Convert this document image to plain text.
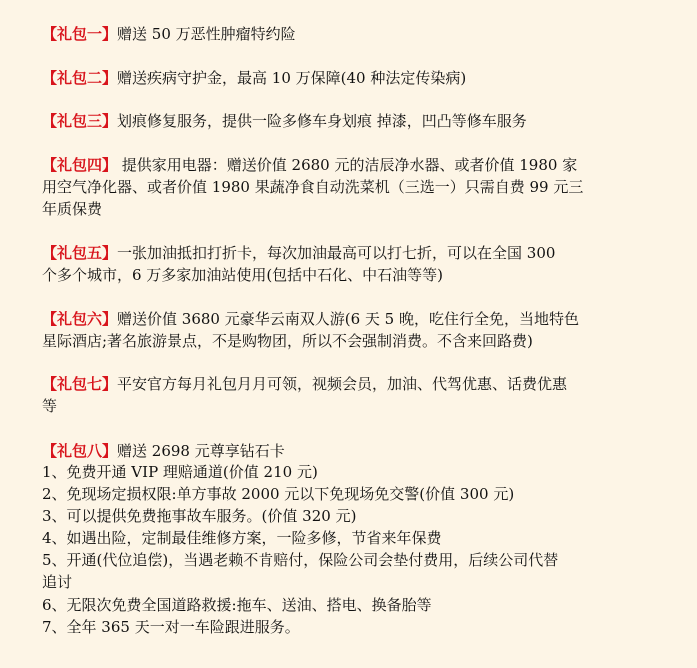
【礼包一】赠送 50 万恶性肿瘤特约险
【礼包二】赠送疾病守护金，最高 10 万保障(40 种法定传染病)
【礼包三】划痕修复服务，提供一险多修车身划痕 掉漆，凹凸等修车服务
【礼包四】 提供家用电器：赠送价值 2680 元的洁辰净水器、或者价值 1980 家
用空气净化器、或者价值 1980 果蔬净食自动洗菜机（三选一）只需自费 99 元三
年质保费
【礼包五】一张加油抵扣打折卡，每次加油最高可以打七折，可以在全国 300
个多个城市，6 万多家加油站使用(包括中石化、中石油等等)
【礼包六】赠送价值 3680 元豪华云南双人游(6 天 5 晚，吃住行全免，当地特色
星际酒店;著名旅游景点，不是购物团，所以不会强制消费。不含来回路费)
【礼包七】平安官方每月礼包月月可领，视频会员，加油、代驾优惠、话费优惠
等
【礼包八】赠送 2698 元尊享钻石卡
1、免费开通 VIP 理赔通道(价值 210 元)
2、免现场定损权限:单方事故 2000 元以下免现场免交警(价值 300 元)
3、可以提供免费拖事故车服务。(价值 320 元)
4、如遇出险，定制最佳维修方案，一险多修，节省来年保费
5、开通(代位追偿)，当遇老赖不肯赔付，保险公司会垫付费用，后续公司代替
追讨
6、无限次免费全国道路救援:拖车、送油、搭电、换备胎等
7、全年 365 天一对一车险跟进服务。
